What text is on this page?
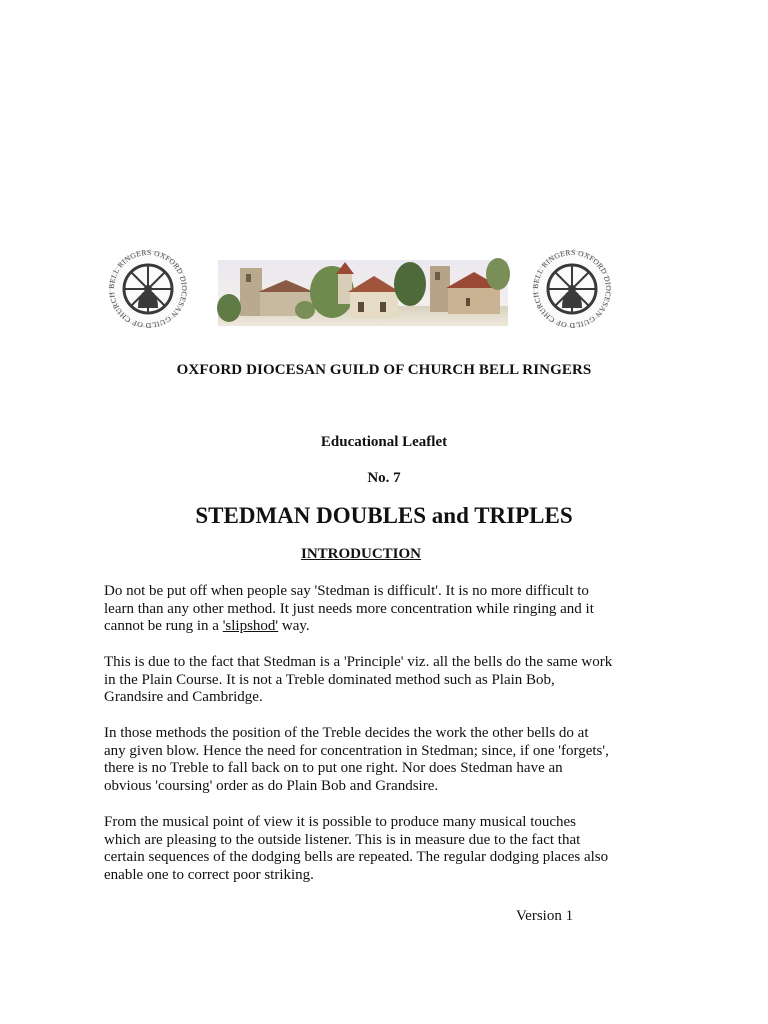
BELL RINGERS OXFORD DIOCESAN GUILD OF CHURCH
BELL RINGERS OXFORD DIOCESAN GUILD OF CHURCH
OXFORD DIOCESAN GUILD OF CHURCH BELL RINGERS
Educational Leaflet
No. 7
STEDMAN DOUBLES and TRIPLES
INTRODUCTION

Do not be put off when people say 'Stedman is difficult'. It is no more difficult to
learn than any other method. It just needs more concentration while ringing and it
cannot be rung in a 'slipshod' way.

This is due to the fact that Stedman is a 'Principle' viz. all the bells do the same work
in the Plain Course. It is not a Treble dominated method such as Plain Bob,
Grandsire and Cambridge.

In those methods the position of the Treble decides the work the other bells do at
any given blow. Hence the need for concentration in Stedman; since, if one 'forgets',
there is no Treble to fall back on to put one right. Nor does Stedman have an
obvious 'coursing' order as do Plain Bob and Grandsire.

From the musical point of view it is possible to produce many musical touches
which are pleasing to the outside listener. This is in measure due to the fact that
certain sequences of the dodging bells are repeated. The regular dodging places also
enable one to correct poor striking.

Version 1
